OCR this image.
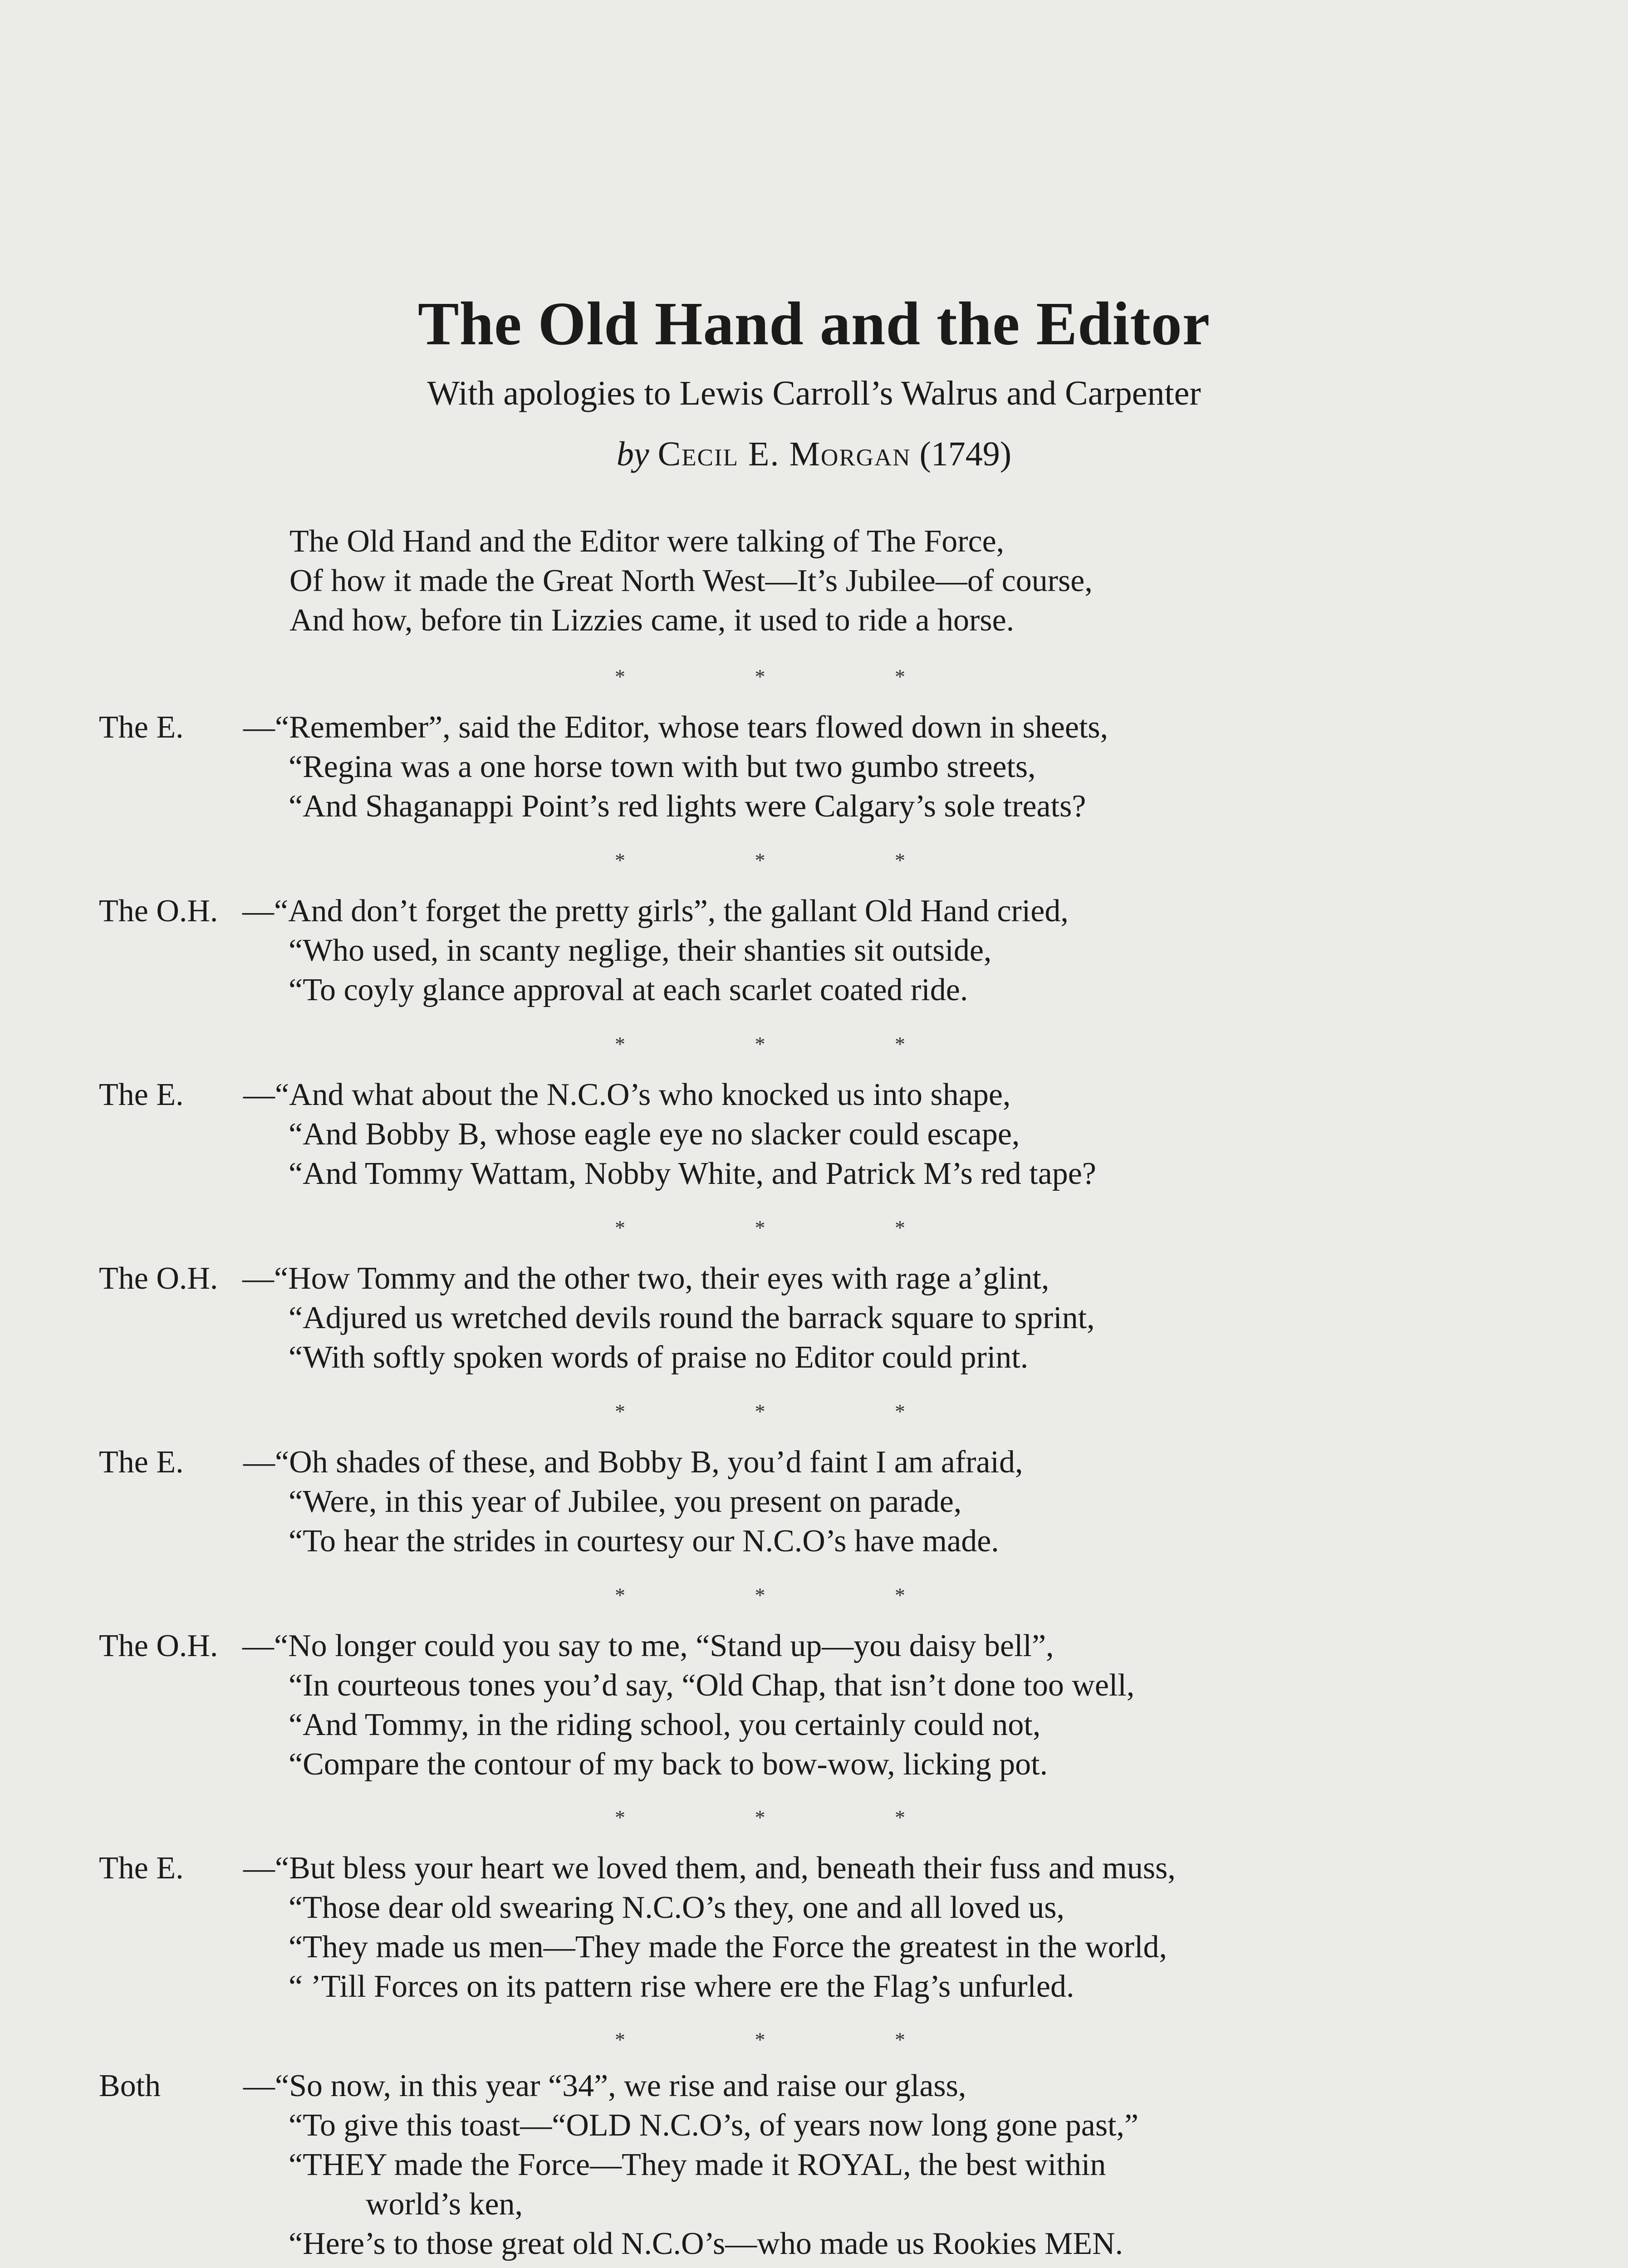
The Old Hand and the Editor
With apologies to Lewis Carroll’s Walrus and Carpenter
by Cecil E. Morgan (1749)
The Old Hand and the Editor were talking of The Force,
Of how it made the Great North West—It’s Jubilee—of course,
And how, before tin Lizzies came, it used to ride a horse.
*	*	*
The E. —“Remember”, said the Editor, whose tears flowed down in sheets,
“Regina was a one horse town with but two gumbo streets,
“And Shaganappi Point’s red lights were Calgary’s sole treats?
*	*	*
The O.H. —“And don’t forget the pretty girls”, the gallant Old Hand cried,
“Who used, in scanty neglige, their shanties sit outside,
“To coyly glance approval at each scarlet coated ride.
*	*	*
The E. —“And what about the N.C.O’s who knocked us into shape,
“And Bobby B, whose eagle eye no slacker could escape,
“And Tommy Wattam, Nobby White, and Patrick M’s red tape?
*	*	*
The O.H. —“How Tommy and the other two, their eyes with rage a’glint,
“Adjured us wretched devils round the barrack square to sprint,
“With softly spoken words of praise no Editor could print.
*	*	*
The E. —“Oh shades of these, and Bobby B, you’d faint I am afraid,
“Were, in this year of Jubilee, you present on parade,
“To hear the strides in courtesy our N.C.O’s have made.
*	*	*
The O.H. —“No longer could you say to me, “Stand up—you daisy bell”,
“In courteous tones you’d say, “Old Chap, that isn’t done too well,
“And Tommy, in the riding school, you certainly could not,
“Compare the contour of my back to bow-wow, licking pot.
*	*	*
The E. —“But bless your heart we loved them, and, beneath their fuss and muss,
“Those dear old swearing N.C.O’s they, one and all loved us,
“They made us men—They made the Force the greatest in the world,
“ ’Till Forces on its pattern rise where ere the Flag’s unfurled.
*	*	*
Both	—“So now, in this year “34”, we rise and raise our glass,
“To give this toast—“OLD N.C.O’s, of years now long gone past,”
“THEY made the Force—They made it ROYAL, the best within
world’s ken,
“Here’s to those great old N.C.O’s—who made us Rookies MEN.
